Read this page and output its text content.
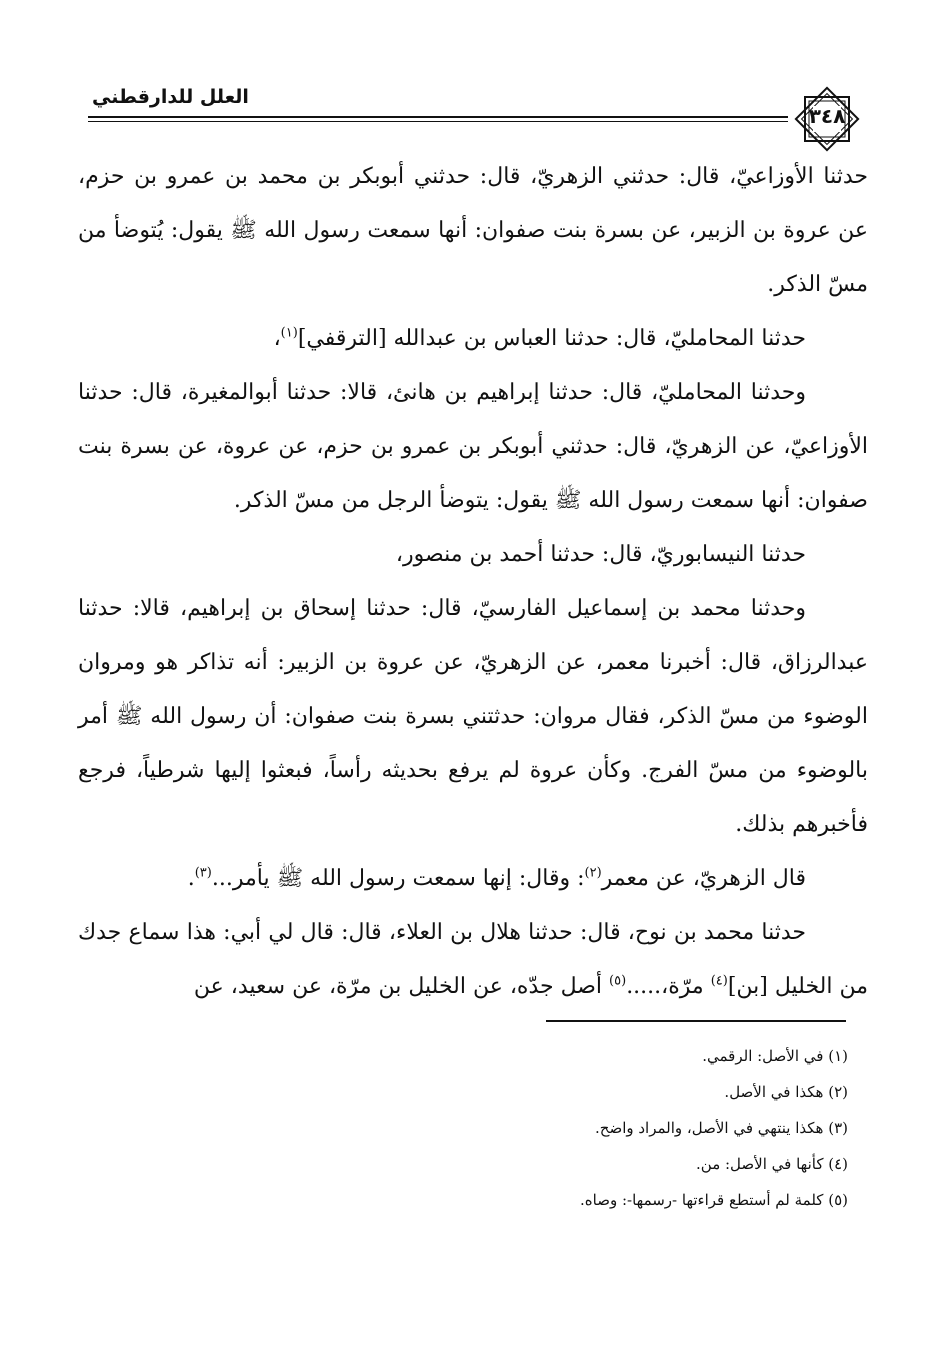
العلل للدارقطني
٣٤٨

حدثنا الأوزاعيّ، قال: حدثني الزهريّ، قال: حدثني أبوبكر بن محمد بن عمرو بن حزم، عن عروة بن الزبير، عن بسرة بنت صفوان: أنها سمعت رسول الله ﷺ يقول: يُتوضأ من مسّ الذكر.

حدثنا المحامليّ، قال: حدثنا العباس بن عبدالله [الترقفي]$^{(١)}$،

وحدثنا المحامليّ، قال: حدثنا إبراهيم بن هانئ، قالا: حدثنا أبوالمغيرة، قال: حدثنا الأوزاعيّ، عن الزهريّ، قال: حدثني أبوبكر بن عمرو بن حزم، عن عروة، عن بسرة بنت صفوان: أنها سمعت رسول الله ﷺ يقول: يتوضأ الرجل من مسّ الذكر.

حدثنا النيسابوريّ، قال: حدثنا أحمد بن منصور،

وحدثنا محمد بن إسماعيل الفارسيّ، قال: حدثنا إسحاق بن إبراهيم، قالا: حدثنا عبدالرزاق، قال: أخبرنا معمر، عن الزهريّ، عن عروة بن الزبير: أنه تذاكر هو ومروان الوضوء من مسّ الذكر، فقال مروان: حدثتني بسرة بنت صفوان: أن رسول الله ﷺ أمر بالوضوء من مسّ الفرج. وكأن عروة لم يرفع بحديثه رأساً، فبعثوا إليها شرطياً، فرجع فأخبرهم بذلك.

قال الزهريّ، عن معمر$^{(٢)}$: وقال: إنها سمعت رسول الله ﷺ يأمر...$^{(٣)}$.

حدثنا محمد بن نوح، قال: حدثنا هلال بن العلاء، قال: قال لي أبي: هذا سماع جدك من الخليل [بن]$^{(٤)}$ مرّة،.....$^{(٥)}$ أصل جدّه، عن الخليل بن مرّة، عن سعيد، عن

(١) في الأصل: الرقمي.

(٢) هكذا في الأصل.

(٣) هكذا ينتهي في الأصل، والمراد واضح.

(٤) كأنها في الأصل: من.

(٥) كلمة لم أستطع قراءتها -رسمها-: وصاه.
